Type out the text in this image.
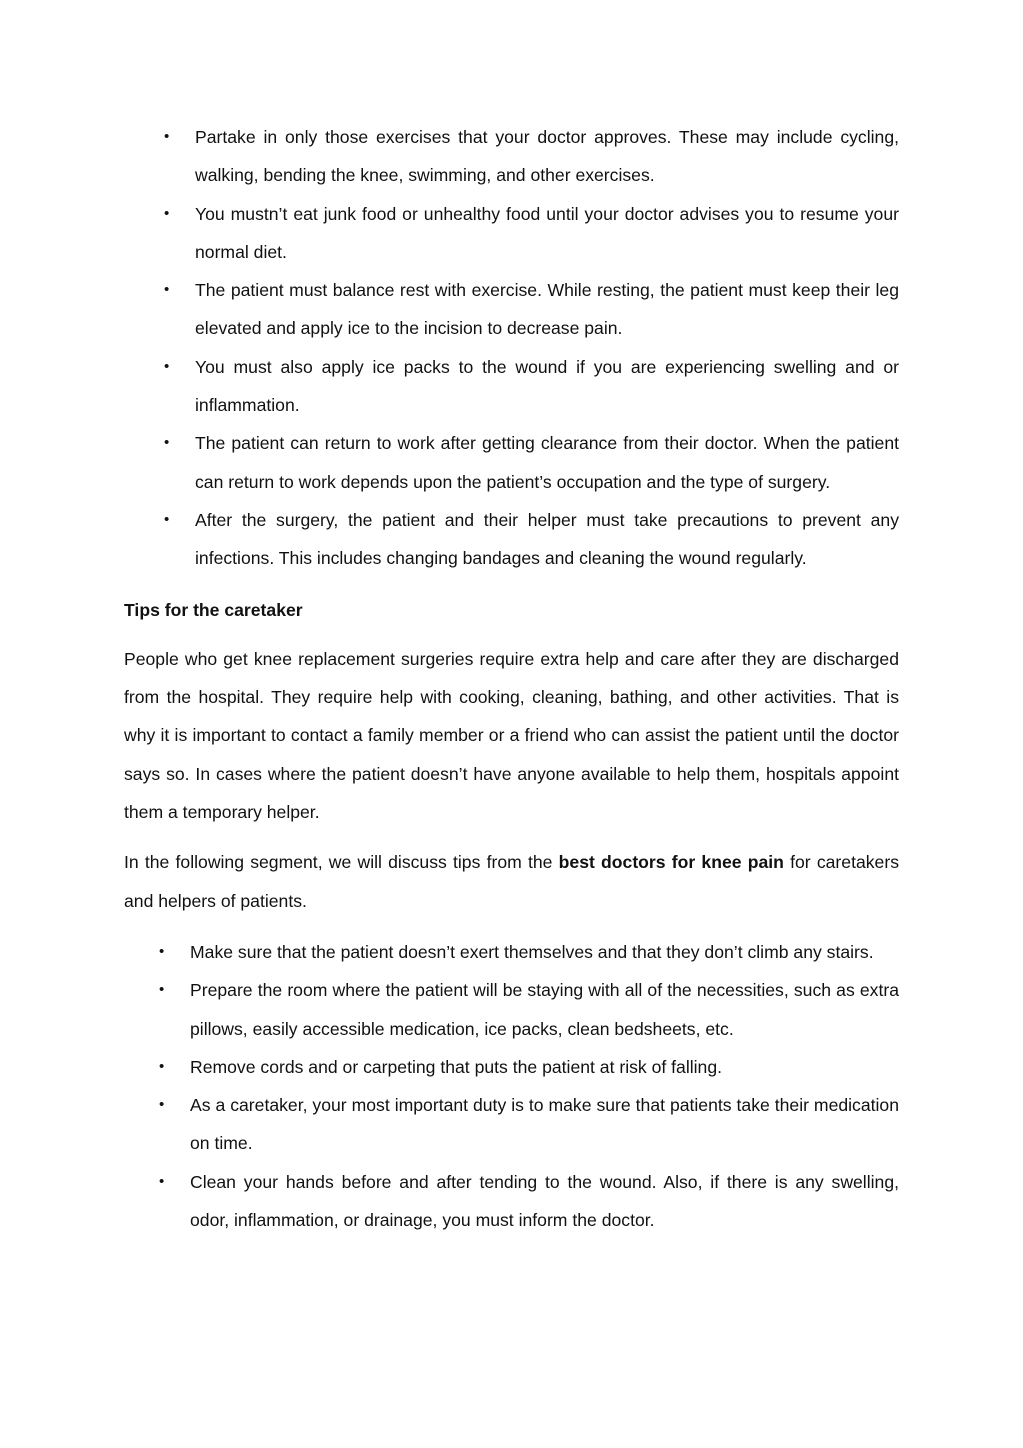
• Partake in only those exercises that your doctor approves. These may include cycling, walking, bending the knee, swimming, and other exercises.
• You mustn’t eat junk food or unhealthy food until your doctor advises you to resume your normal diet.
• The patient must balance rest with exercise. While resting, the patient must keep their leg elevated and apply ice to the incision to decrease pain.
• You must also apply ice packs to the wound if you are experiencing swelling and or inflammation.
• The patient can return to work after getting clearance from their doctor. When the patient can return to work depends upon the patient’s occupation and the type of surgery.
• After the surgery, the patient and their helper must take precautions to prevent any infections. This includes changing bandages and cleaning the wound regularly.
Tips for the caretaker

People who get knee replacement surgeries require extra help and care after they are discharged from the hospital. They require help with cooking, cleaning, bathing, and other activities. That is why it is important to contact a family member or a friend who can assist the patient until the doctor says so. In cases where the patient doesn’t have anyone available to help them, hospitals appoint them a temporary helper.

In the following segment, we will discuss tips from the best doctors for knee pain for caretakers and helpers of patients.

• Make sure that the patient doesn’t exert themselves and that they don’t climb any stairs.
• Prepare the room where the patient will be staying with all of the necessities, such as extra pillows, easily accessible medication, ice packs, clean bedsheets, etc.
• Remove cords and or carpeting that puts the patient at risk of falling.
• As a caretaker, your most important duty is to make sure that patients take their medication on time.
• Clean your hands before and after tending to the wound. Also, if there is any swelling, odor, inflammation, or drainage, you must inform the doctor.
